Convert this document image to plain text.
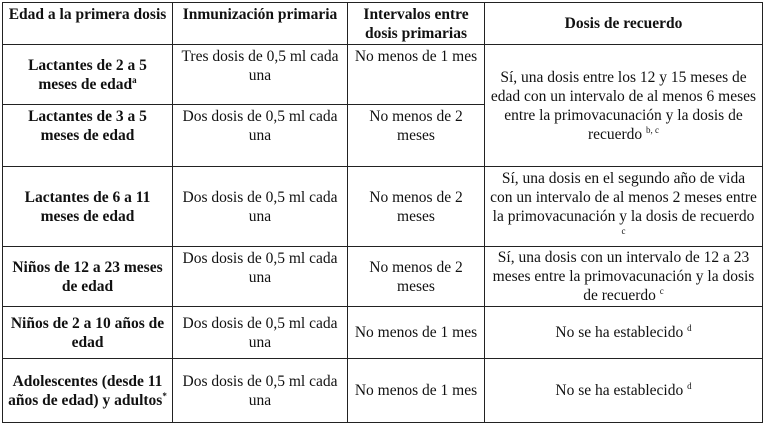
Edad a la primera dosis	Inmunización primaria	Intervalos entre dosis primarias	Dosis de recuerdo
Lactantes de 2 a 5 meses de edad$^a$	Tres dosis de 0,5 ml cada una	No menos de 1 mes	Sí, una dosis entre los 12 y 15 meses de edad con un intervalo de al menos 6 meses entre la primovacunación y la dosis de recuerdo $^{b, c}$
Lactantes de 3 a 5 meses de edad	Dos dosis de 0,5 ml cada una	No menos de 2 meses	
Lactantes de 6 a 11 meses de edad	Dos dosis de 0,5 ml cada una	No menos de 2 meses	Sí, una dosis en el segundo año de vida con un intervalo de al menos 2 meses entre la primovacunación y la dosis de recuerdo $^c$
Niños de 12 a 23 meses de edad	Dos dosis de 0,5 ml cada una	No menos de 2 meses	Sí, una dosis con un intervalo de 12 a 23 meses entre la primovacunación y la dosis de recuerdo $^c$
Niños de 2 a 10 años de edad	Dos dosis de 0,5 ml cada una	No menos de 1 mes	No se ha establecido $^d$
Adolescentes (desde 11 años de edad) y adultos*	Dos dosis de 0,5 ml cada una	No menos de 1 mes	No se ha establecido $^d$
